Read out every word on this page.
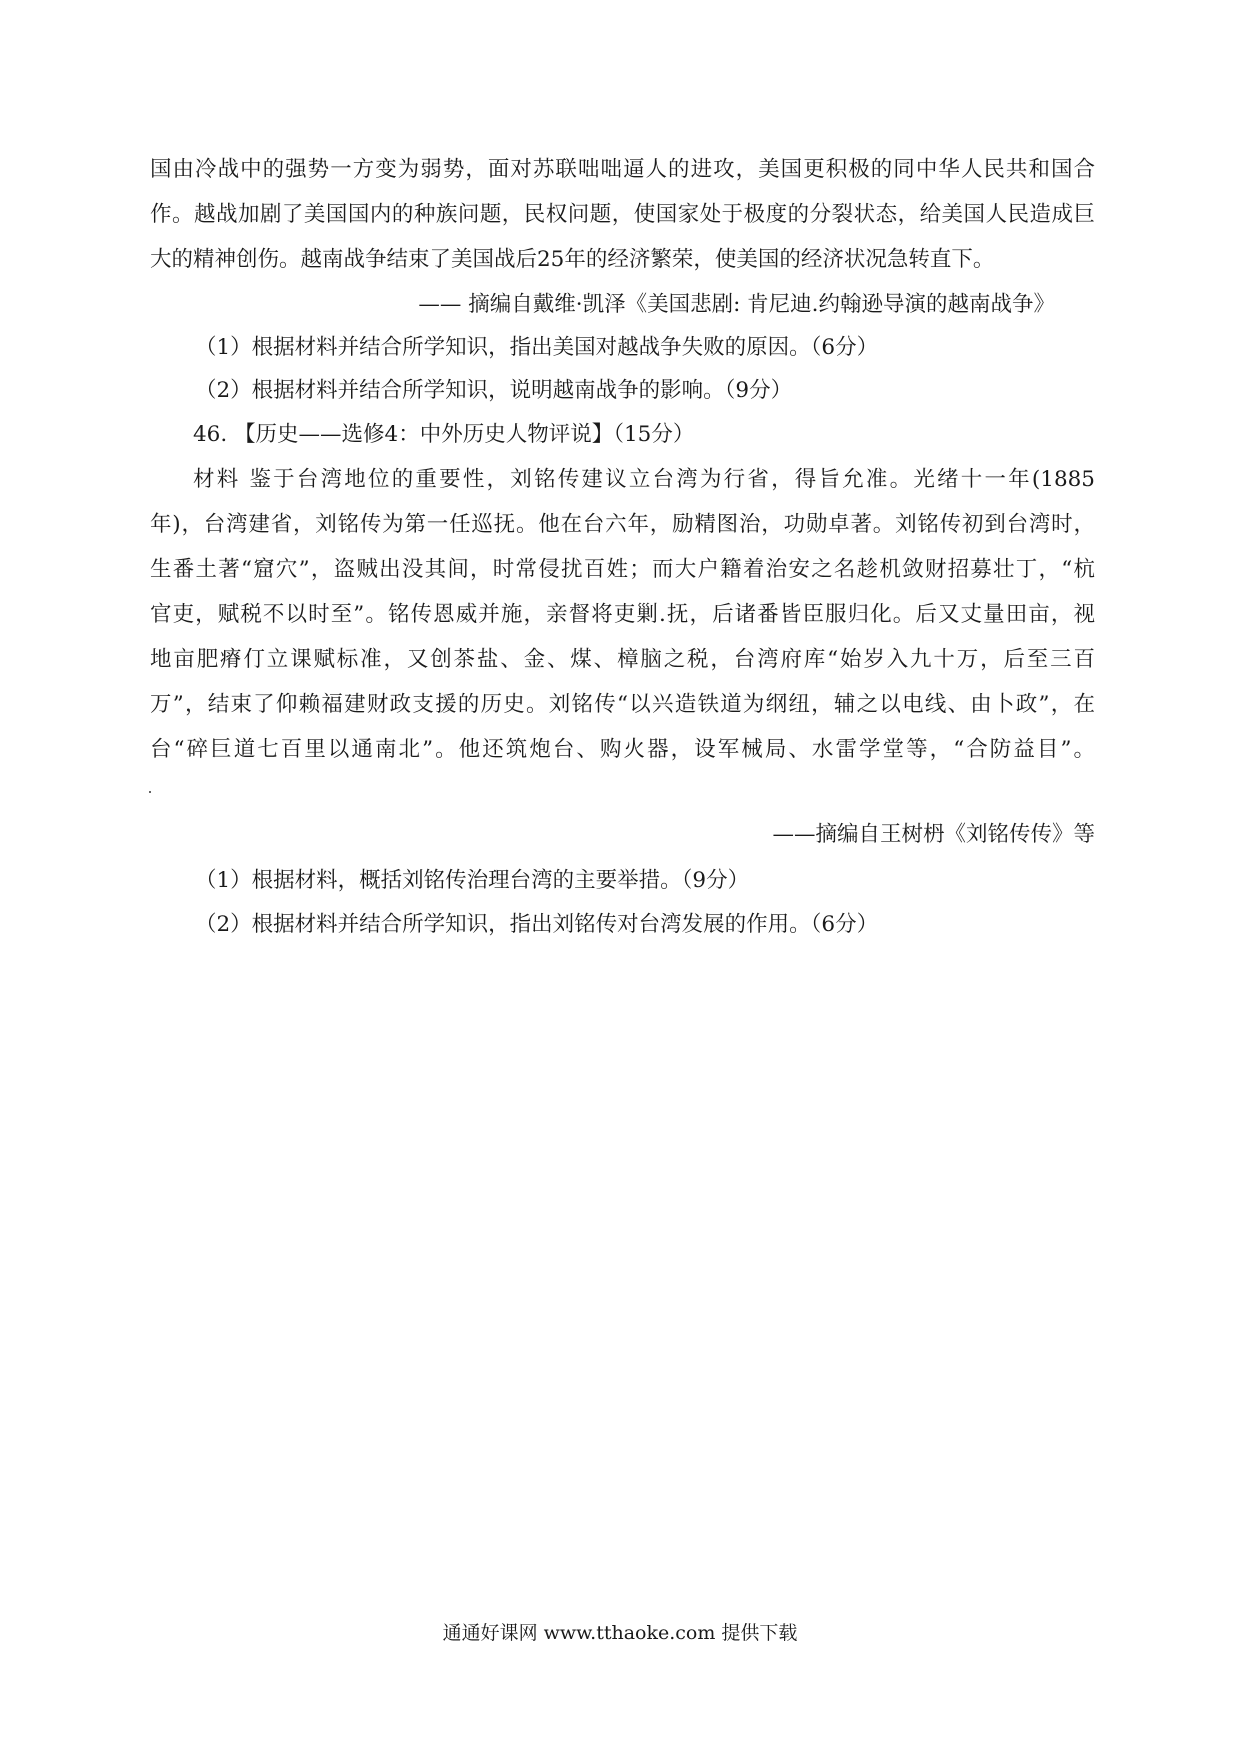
国由冷战中的强势一方变为弱势，面对苏联咄咄逼人的进攻，美国更积极的同中华人民共和国合
作。越战加剧了美国国内的种族问题，民权问题，使国家处于极度的分裂状态，给美国人民造成巨
大的精神创伤。越南战争结束了美国战后25年的经济繁荣，使美国的经济状况急转直下。
—— 摘编自戴维·凯泽《美国悲剧: 肯尼迪.约翰逊导演的越南战争》
（1）根据材料并结合所学知识，指出美国对越战争失败的原因。（6分）
（2）根据材料并结合所学知识，说明越南战争的影响。（9分）
46. 【历史——选修4：中外历史人物评说】（15分）
材料 鉴于台湾地位的重要性，刘铭传建议立台湾为行省，得旨允准。光绪十一年(1885
年)，台湾建省，刘铭传为第一任巡抚。他在台六年，励精图治，功勋卓著。刘铭传初到台湾时，
生番土著“窟穴”，盗贼出没其间，时常侵扰百姓；而大户籍着治安之名趁机敛财招募壮丁，“杭
官吏，赋税不以时至”。铭传恩威并施，亲督将吏剿.抚，后诸番皆臣服归化。后又丈量田亩，视
地亩肥瘠仃立课赋标准，又创茶盐、金、煤、樟脑之税，台湾府库“始岁入九十万，后至三百
万”，结束了仰赖福建财政支援的历史。刘铭传“以兴造铁道为纲纽，辅之以电线、由卜政”，在
台“碎巨道七百里以通南北”。他还筑炮台、购火器，设军械局、水雷学堂等，“合防益目”。
——摘编自王树枬《刘铭传传》等
（1）根据材料，概括刘铭传治理台湾的主要举措。（9分）
（2）根据材料并结合所学知识，指出刘铭传对台湾发展的作用。（6分）
通通好课网 www.tthaoke.com 提供下载
